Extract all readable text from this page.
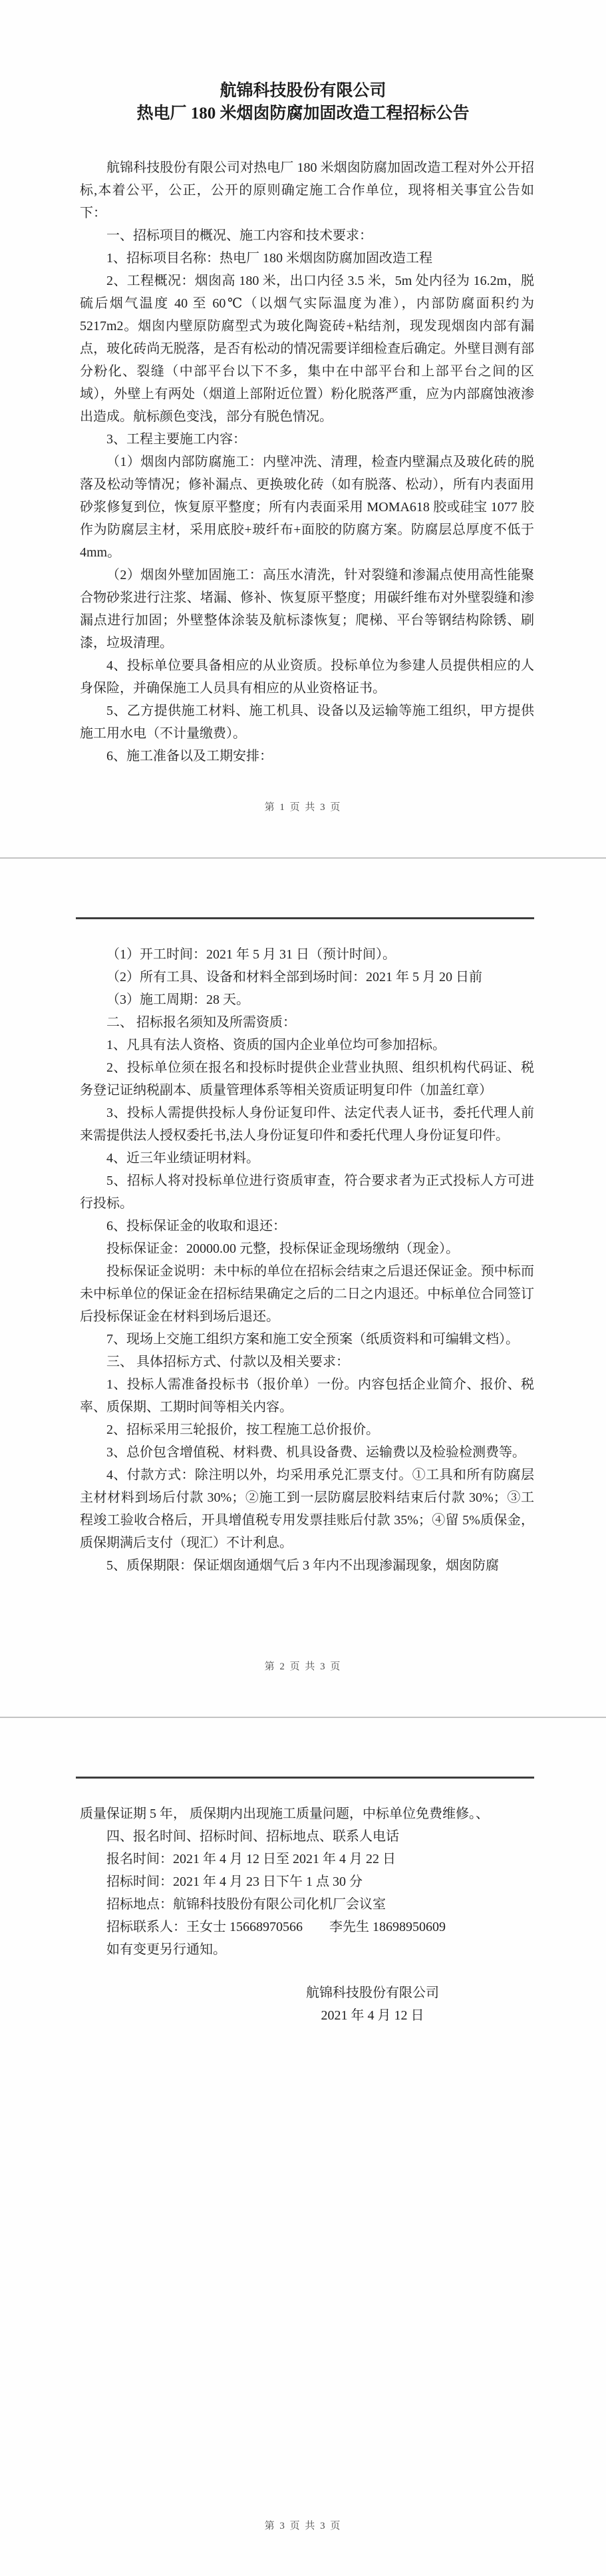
航锦科技股份有限公司
热电厂 180 米烟囱防腐加固改造工程招标公告

航锦科技股份有限公司对热电厂 180 米烟囱防腐加固改造工程对外公开招标,本着公平，公正，公开的原则确定施工合作单位，现将相关事宜公告如下：

一、招标项目的概况、施工内容和技术要求：

1、招标项目名称：热电厂 180 米烟囱防腐加固改造工程

2、工程概况：烟囱高 180 米，出口内径 3.5 米，5m 处内径为 16.2m，脱硫后烟气温度 40 至 60℃（以烟气实际温度为准），内部防腐面积约为5217m2。烟囱内壁原防腐型式为玻化陶瓷砖+粘结剂，现发现烟囱内部有漏点，玻化砖尚无脱落，是否有松动的情况需要详细检查后确定。外壁目测有部分粉化、裂缝（中部平台以下不多，集中在中部平台和上部平台之间的区域），外壁上有两处（烟道上部附近位置）粉化脱落严重，应为内部腐蚀液渗出造成。航标颜色变浅，部分有脱色情况。

3、工程主要施工内容：

（1）烟囱内部防腐施工：内壁冲洗、清理，检查内壁漏点及玻化砖的脱落及松动等情况；修补漏点、更换玻化砖（如有脱落、松动），所有内表面用砂浆修复到位，恢复原平整度；所有内表面采用 MOMA618 胶或硅宝 1077 胶作为防腐层主材，采用底胶+玻纤布+面胶的防腐方案。防腐层总厚度不低于 4mm。

（2）烟囱外壁加固施工：高压水清洗，针对裂缝和渗漏点使用高性能聚合物砂浆进行注浆、堵漏、修补、恢复原平整度；用碳纤维布对外壁裂缝和渗漏点进行加固；外壁整体涂装及航标漆恢复；爬梯、平台等钢结构除锈、刷漆，垃圾清理。

4、投标单位要具备相应的从业资质。投标单位为参建人员提供相应的人身保险，并确保施工人员具有相应的从业资格证书。

5、乙方提供施工材料、施工机具、设备以及运输等施工组织，甲方提供施工用水电（不计量缴费）。

6、施工准备以及工期安排：

第 1 页 共 3 页

（1）开工时间：2021 年 5 月 31 日（预计时间）。

（2）所有工具、设备和材料全部到场时间：2021 年 5 月 20 日前

（3）施工周期：28 天。

二、 招标报名须知及所需资质：

1、凡具有法人资格、资质的国内企业单位均可参加招标。

2、投标单位须在报名和投标时提供企业营业执照、组织机构代码证、税务登记证纳税副本、质量管理体系等相关资质证明复印件（加盖红章）

3、投标人需提供投标人身份证复印件、法定代表人证书，委托代理人前来需提供法人授权委托书,法人身份证复印件和委托代理人身份证复印件。

4、近三年业绩证明材料。

5、招标人将对投标单位进行资质审查，符合要求者为正式投标人方可进行投标。

6、投标保证金的收取和退还：

投标保证金：20000.00 元整，投标保证金现场缴纳（现金）。

投标保证金说明：未中标的单位在招标会结束之后退还保证金。预中标而未中标单位的保证金在招标结果确定之后的二日之内退还。中标单位合同签订后投标保证金在材料到场后退还。

7、现场上交施工组织方案和施工安全预案（纸质资料和可编辑文档）。

三、 具体招标方式、付款以及相关要求：

1、投标人需准备投标书（报价单）一份。内容包括企业简介、报价、税率、质保期、工期时间等相关内容。

2、招标采用三轮报价，按工程施工总价报价。

3、总价包含增值税、材料费、机具设备费、运输费以及检验检测费等。

4、付款方式：除注明以外，均采用承兑汇票支付。①工具和所有防腐层主材材料到场后付款 30%；②施工到一层防腐层胶料结束后付款 30%；③工程竣工验收合格后，开具增值税专用发票挂账后付款 35%；④留 5%质保金，质保期满后支付（现汇）不计利息。

5、质保期限：保证烟囱通烟气后 3 年内不出现渗漏现象，烟囱防腐

第 2 页 共 3 页

质量保证期 5 年， 质保期内出现施工质量问题，中标单位免费维修。、

四、报名时间、招标时间、招标地点、联系人电话

报名时间：2021 年 4 月 12 日至 2021 年 4 月 22 日

招标时间：2021 年 4 月 23 日下午 1 点 30 分

招标地点：航锦科技股份有限公司化机厂会议室

招标联系人：王女士 15668970566　　李先生 18698950609

如有变更另行通知。

航锦科技股份有限公司
2021 年 4 月 12 日
第 3 页 共 3 页
